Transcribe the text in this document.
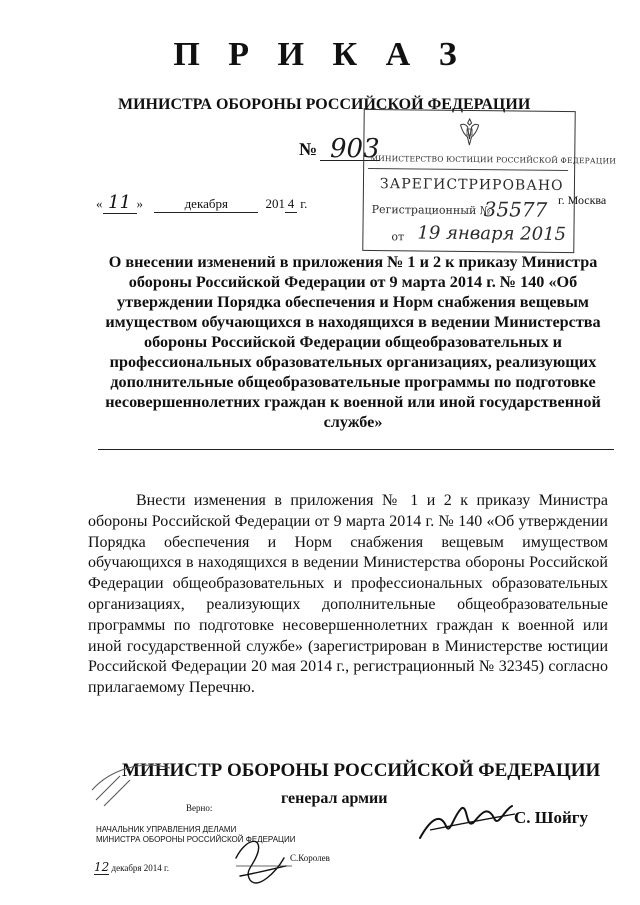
П Р И К А З
МИНИСТРА ОБОРОНЫ РОССИЙСКОЙ ФЕДЕРАЦИИ
№ 903
« 11 »	декабря	201 4 г.
МИНИСТЕРСТВО ЮСТИЦИИ РОССИЙСКОЙ ФЕДЕРАЦИИ
ЗАРЕГИСТРИРОВАНО
Регистрационный №
35577
от 19 января 2015
г. Москва
О внесении изменений в приложения № 1 и 2 к приказу Министра обороны Российской Федерации от 9 марта 2014 г. № 140 «Об утверждении Порядка обеспечения и Норм снабжения вещевым имуществом обучающихся в находящихся в ведении Министерства обороны Российской Федерации общеобразовательных и профессиональных образовательных организациях, реализующих дополнительные общеобразовательные программы по подготовке несовершеннолетних граждан к военной или иной государственной службе»
Внести изменения в приложения № 1 и 2 к приказу Министра обороны Российской Федерации от 9 марта 2014 г. № 140 «Об утверждении Порядка обеспечения и Норм снабжения вещевым имуществом обучающихся в находящихся в ведении Министерства обороны Российской Федерации общеобразовательных и профессиональных образовательных организациях, реализующих дополнительные общеобразовательные программы по подготовке несовершеннолетних граждан к военной или иной государственной службе» (зарегистрирован в Министерстве юстиции Российской Федерации 20 мая 2014 г., регистрационный № 32345) согласно прилагаемому Перечню.
МИНИСТР ОБОРОНЫ РОССИЙСКОЙ ФЕДЕРАЦИИ
генерал армии
С. Шойгу
Верно:
НАЧАЛЬНИК УПРАВЛЕНИЯ ДЕЛАМИ
МИНИСТРА ОБОРОНЫ РОССИЙСКОЙ ФЕДЕРАЦИИ
С.Королев
12 декабря 2014 г.
